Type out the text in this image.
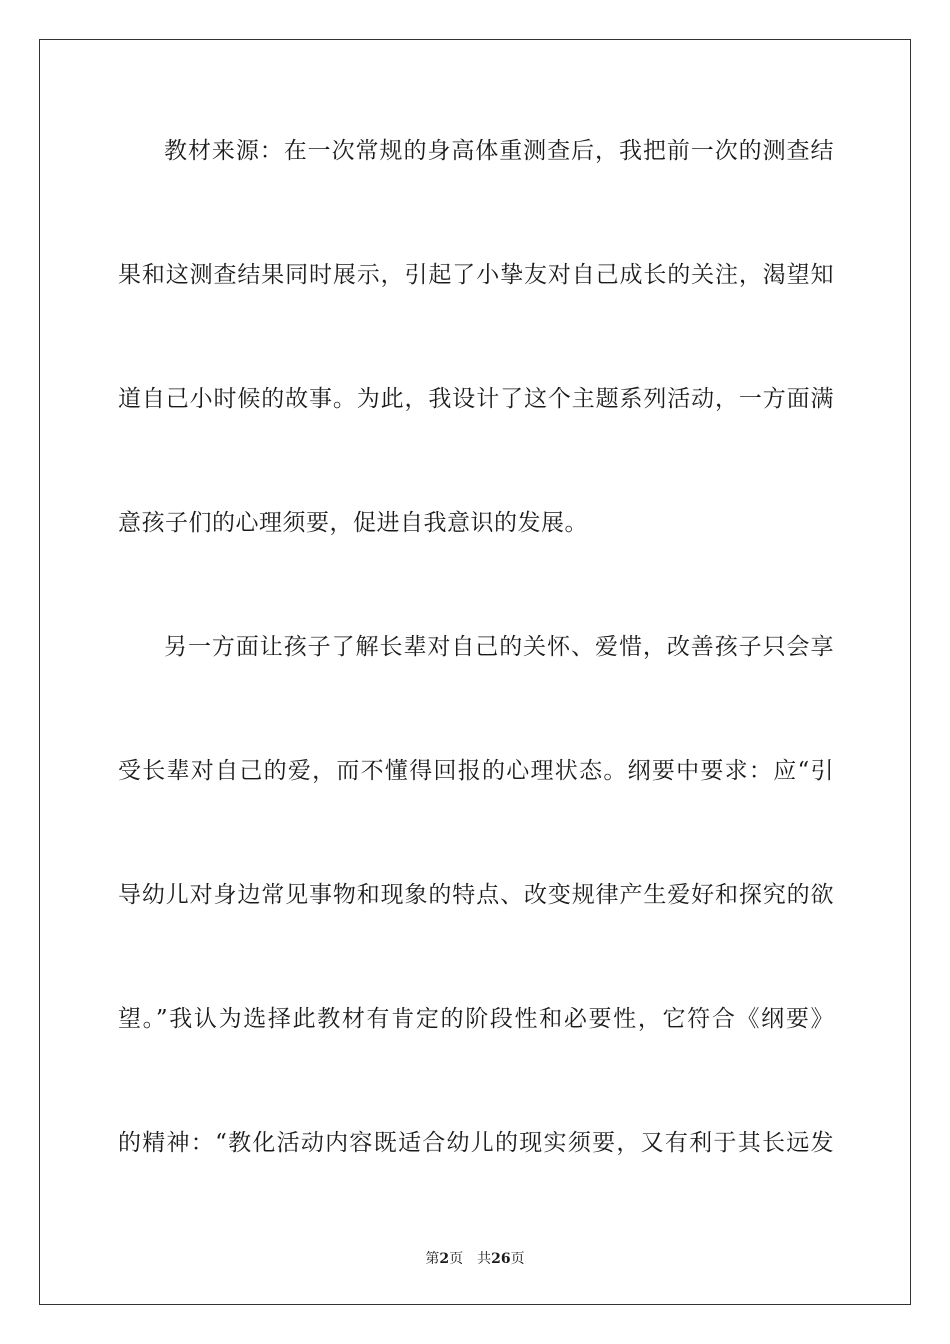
教材来源：在一次常规的身高体重测查后，我把前一次的测查结
果和这测查结果同时展示，引起了小挚友对自己成长的关注，渴望知
道自己小时候的故事。为此，我设计了这个主题系列活动，一方面满
意孩子们的心理须要，促进自我意识的发展。
另一方面让孩子了解长辈对自己的关怀、爱惜，改善孩子只会享
受长辈对自己的爱，而不懂得回报的心理状态。纲要中要求：应“引
导幼儿对身边常见事物和现象的特点、改变规律产生爱好和探究的欲
望。”我认为选择此教材有肯定的阶段性和必要性，它符合《纲要》
的精神：“教化活动内容既适合幼儿的现实须要，又有利于其长远发
第2页 共26页
